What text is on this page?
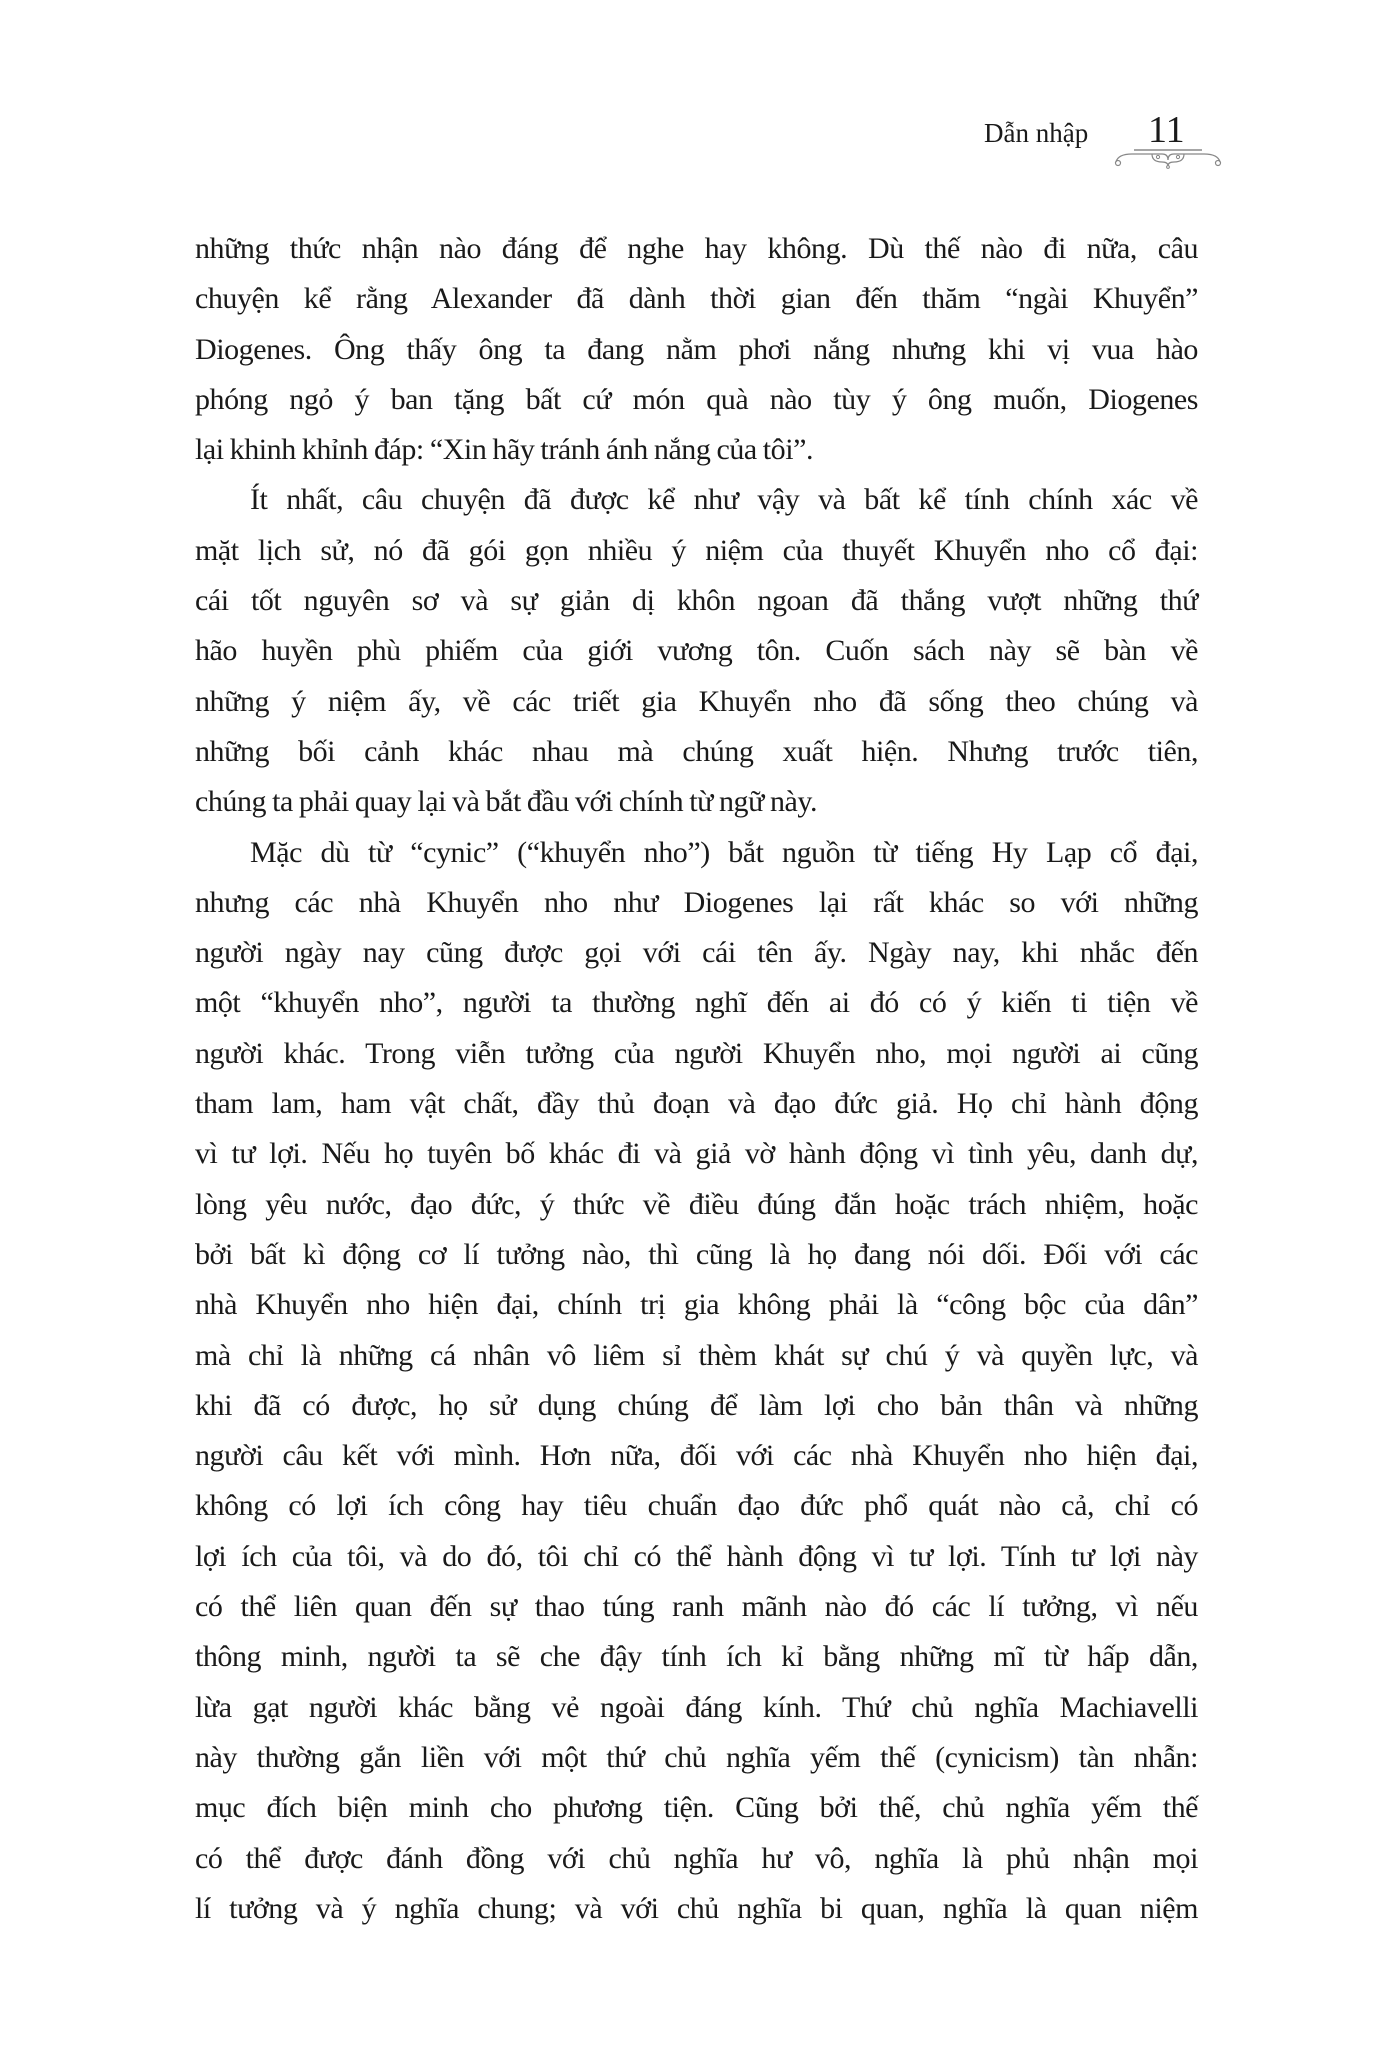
Dẫn nhập 11
những thức nhận nào đáng để nghe hay không. Dù thế nào đi nữa, câu
chuyện kể rằng Alexander đã dành thời gian đến thăm “ngài Khuyển”
Diogenes. Ông thấy ông ta đang nằm phơi nắng nhưng khi vị vua hào
phóng ngỏ ý ban tặng bất cứ món quà nào tùy ý ông muốn, Diogenes
lại khinh khỉnh đáp: “Xin hãy tránh ánh nắng của tôi”.
Ít nhất, câu chuyện đã được kể như vậy và bất kể tính chính xác về
mặt lịch sử, nó đã gói gọn nhiều ý niệm của thuyết Khuyển nho cổ đại:
cái tốt nguyên sơ và sự giản dị khôn ngoan đã thắng vượt những thứ
hão huyền phù phiếm của giới vương tôn. Cuốn sách này sẽ bàn về
những ý niệm ấy, về các triết gia Khuyển nho đã sống theo chúng và
những bối cảnh khác nhau mà chúng xuất hiện. Nhưng trước tiên,
chúng ta phải quay lại và bắt đầu với chính từ ngữ này.
Mặc dù từ “cynic” (“khuyển nho”) bắt nguồn từ tiếng Hy Lạp cổ đại,
nhưng các nhà Khuyển nho như Diogenes lại rất khác so với những
người ngày nay cũng được gọi với cái tên ấy. Ngày nay, khi nhắc đến
một “khuyển nho”, người ta thường nghĩ đến ai đó có ý kiến ti tiện về
người khác. Trong viễn tưởng của người Khuyển nho, mọi người ai cũng
tham lam, ham vật chất, đầy thủ đoạn và đạo đức giả. Họ chỉ hành động
vì tư lợi. Nếu họ tuyên bố khác đi và giả vờ hành động vì tình yêu, danh dự,
lòng yêu nước, đạo đức, ý thức về điều đúng đắn hoặc trách nhiệm, hoặc
bởi bất kì động cơ lí tưởng nào, thì cũng là họ đang nói dối. Đối với các
nhà Khuyển nho hiện đại, chính trị gia không phải là “công bộc của dân”
mà chỉ là những cá nhân vô liêm sỉ thèm khát sự chú ý và quyền lực, và
khi đã có được, họ sử dụng chúng để làm lợi cho bản thân và những
người câu kết với mình. Hơn nữa, đối với các nhà Khuyển nho hiện đại,
không có lợi ích công hay tiêu chuẩn đạo đức phổ quát nào cả, chỉ có
lợi ích của tôi, và do đó, tôi chỉ có thể hành động vì tư lợi. Tính tư lợi này
có thể liên quan đến sự thao túng ranh mãnh nào đó các lí tưởng, vì nếu
thông minh, người ta sẽ che đậy tính ích kỉ bằng những mĩ từ hấp dẫn,
lừa gạt người khác bằng vẻ ngoài đáng kính. Thứ chủ nghĩa Machiavelli
này thường gắn liền với một thứ chủ nghĩa yếm thế (cynicism) tàn nhẫn:
mục đích biện minh cho phương tiện. Cũng bởi thế, chủ nghĩa yếm thế
có thể được đánh đồng với chủ nghĩa hư vô, nghĩa là phủ nhận mọi
lí tưởng và ý nghĩa chung; và với chủ nghĩa bi quan, nghĩa là quan niệm
